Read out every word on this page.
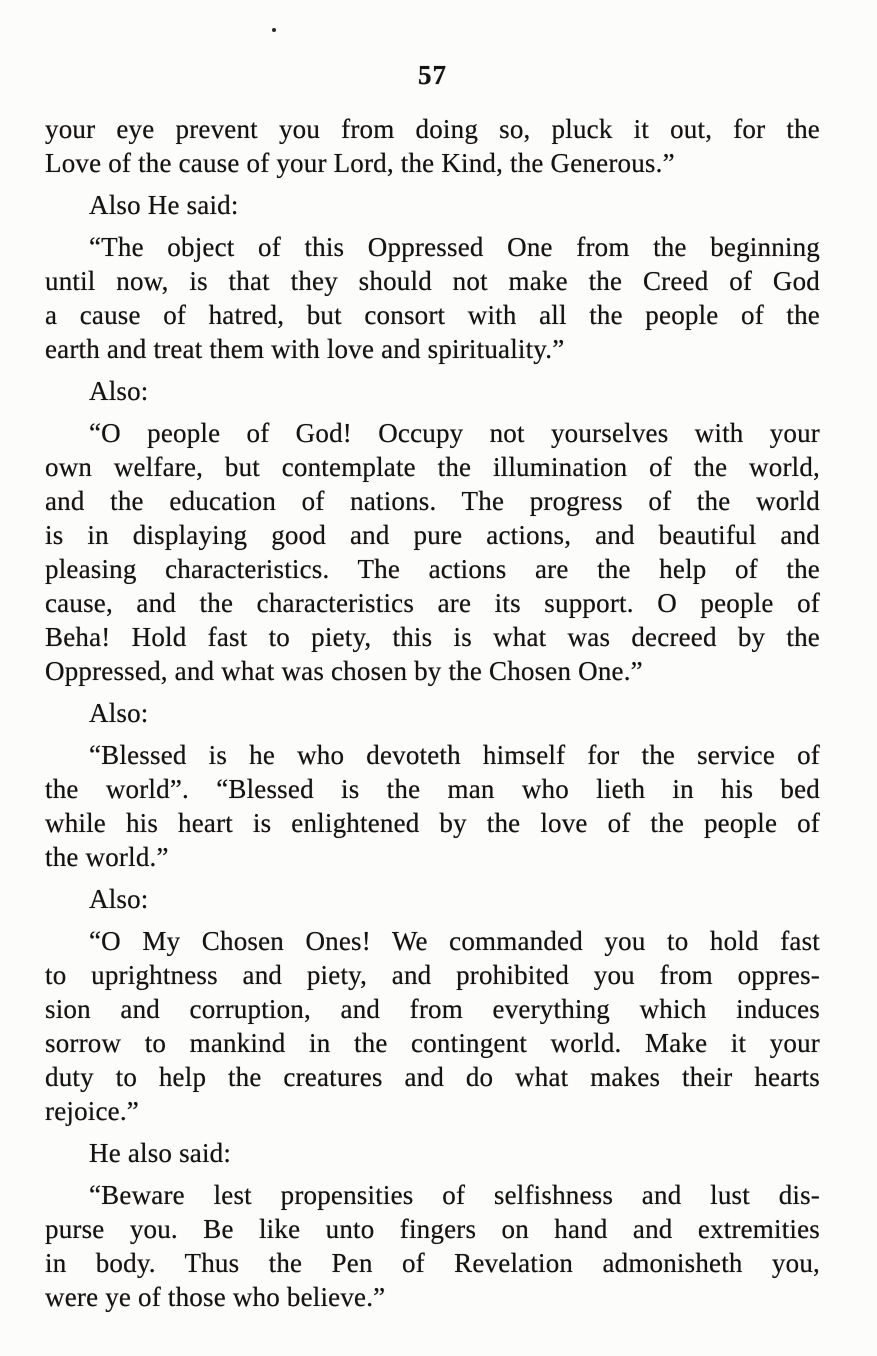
57
your eye prevent you from doing so, pluck it out, for the
Love of the cause of your Lord, the Kind, the Generous.”
Also He said:
“The object of this Oppressed One from the beginning
until now, is that they should not make the Creed of God
a cause of hatred, but consort with all the people of the
earth and treat them with love and spirituality.”
Also:
“O people of God! Occupy not yourselves with your
own welfare, but contemplate the illumination of the world,
and the education of nations. The progress of the world
is in displaying good and pure actions, and beautiful and
pleasing characteristics. The actions are the help of the
cause, and the characteristics are its support. O people of
Beha! Hold fast to piety, this is what was decreed by the
Oppressed, and what was chosen by the Chosen One.”
Also:
“Blessed is he who devoteth himself for the service of
the world”. “Blessed is the man who lieth in his bed
while his heart is enlightened by the love of the people of
the world.”
Also:
“O My Chosen Ones! We commanded you to hold fast
to uprightness and piety, and prohibited you from oppres-
sion and corruption, and from everything which induces
sorrow to mankind in the contingent world. Make it your
duty to help the creatures and do what makes their hearts
rejoice.”
He also said:
“Beware lest propensities of selfishness and lust dis-
purse you. Be like unto fingers on hand and extremities
in body. Thus the Pen of Revelation admonisheth you,
were ye of those who believe.”
